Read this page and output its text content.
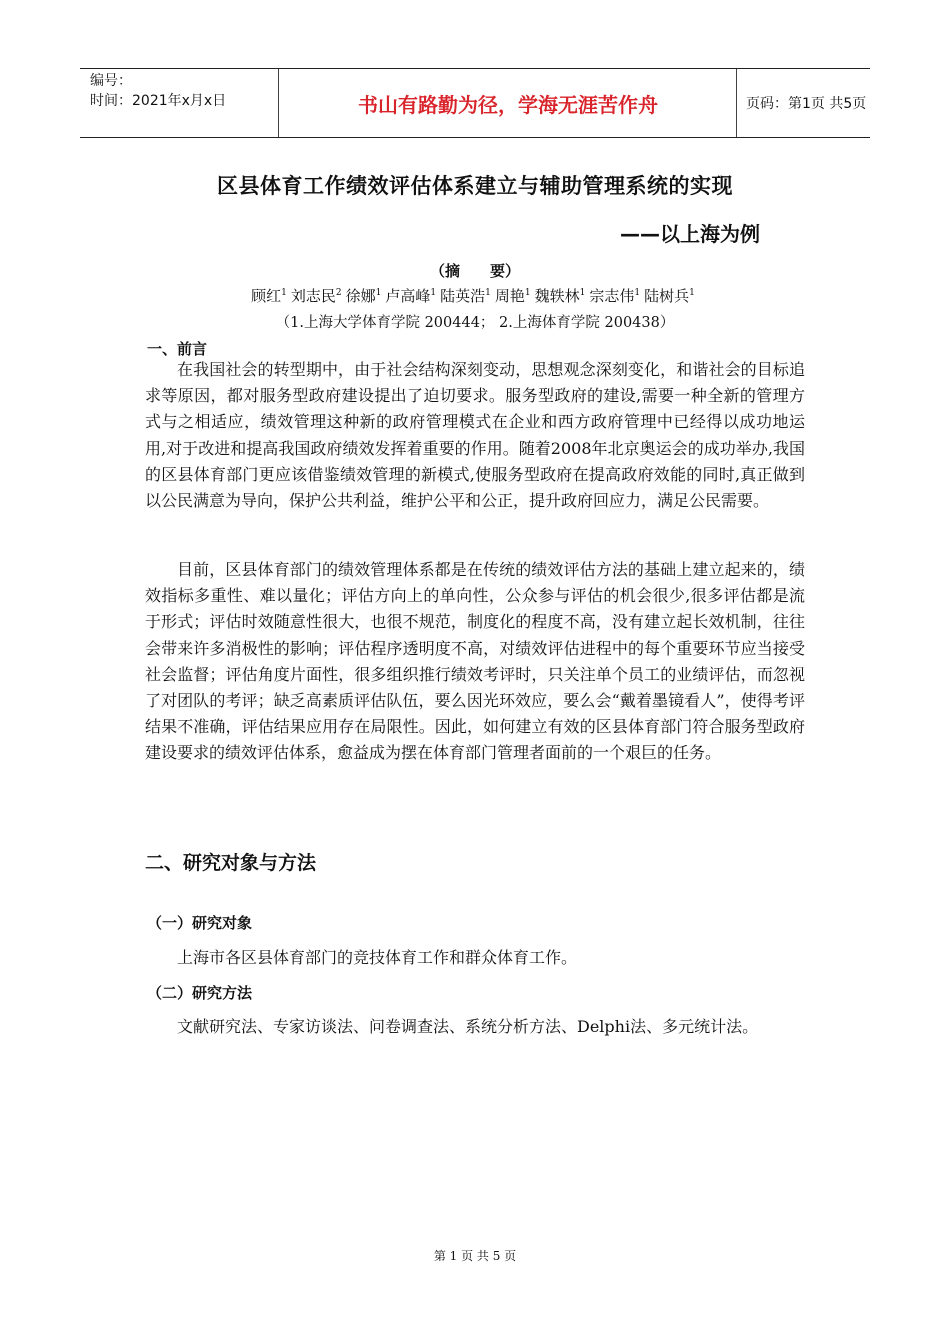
编号：
时间：2021年x月x日	书山有路勤为径，学海无涯苦作舟	页码：第1页 共5页
区县体育工作绩效评估体系建立与辅助管理系统的实现
——以上海为例
（摘　　要）
顾红$^1$ 刘志民$^2$ 徐娜$^1$ 卢高峰$^1$ 陆英浩$^1$ 周艳$^1$ 魏轶林$^1$ 宗志伟$^1$ 陆树兵$^1$
（1.上海大学体育学院 200444； 2.上海体育学院 200438）
一、前言

在我国社会的转型期中，由于社会结构深刻变动，思想观念深刻变化，和谐社会的目标追求等原因，都对服务型政府建设提出了迫切要求。服务型政府的建设,需要一种全新的管理方式与之相适应，绩效管理这种新的政府管理模式在企业和西方政府管理中已经得以成功地运用,对于改进和提高我国政府绩效发挥着重要的作用。随着2008年北京奥运会的成功举办,我国的区县体育部门更应该借鉴绩效管理的新模式,使服务型政府在提高政府效能的同时,真正做到以公民满意为导向，保护公共利益，维护公平和公正，提升政府回应力，满足公民需要。

目前，区县体育部门的绩效管理体系都是在传统的绩效评估方法的基础上建立起来的，绩效指标多重性、难以量化；评估方向上的单向性，公众参与评估的机会很少,很多评估都是流于形式；评估时效随意性很大，也很不规范，制度化的程度不高，没有建立起长效机制，往往会带来许多消极性的影响；评估程序透明度不高，对绩效评估进程中的每个重要环节应当接受社会监督；评估角度片面性，很多组织推行绩效考评时，只关注单个员工的业绩评估，而忽视了对团队的考评；缺乏高素质评估队伍，要么因光环效应，要么会“戴着墨镜看人”，使得考评结果不准确，评估结果应用存在局限性。因此，如何建立有效的区县体育部门符合服务型政府建设要求的绩效评估体系，愈益成为摆在体育部门管理者面前的一个艰巨的任务。

二、研究对象与方法
（一）研究对象

上海市各区县体育部门的竞技体育工作和群众体育工作。

（二）研究方法

文献研究法、专家访谈法、问卷调查法、系统分析方法、Delphi法、多元统计法。

第 1 页 共 5 页
